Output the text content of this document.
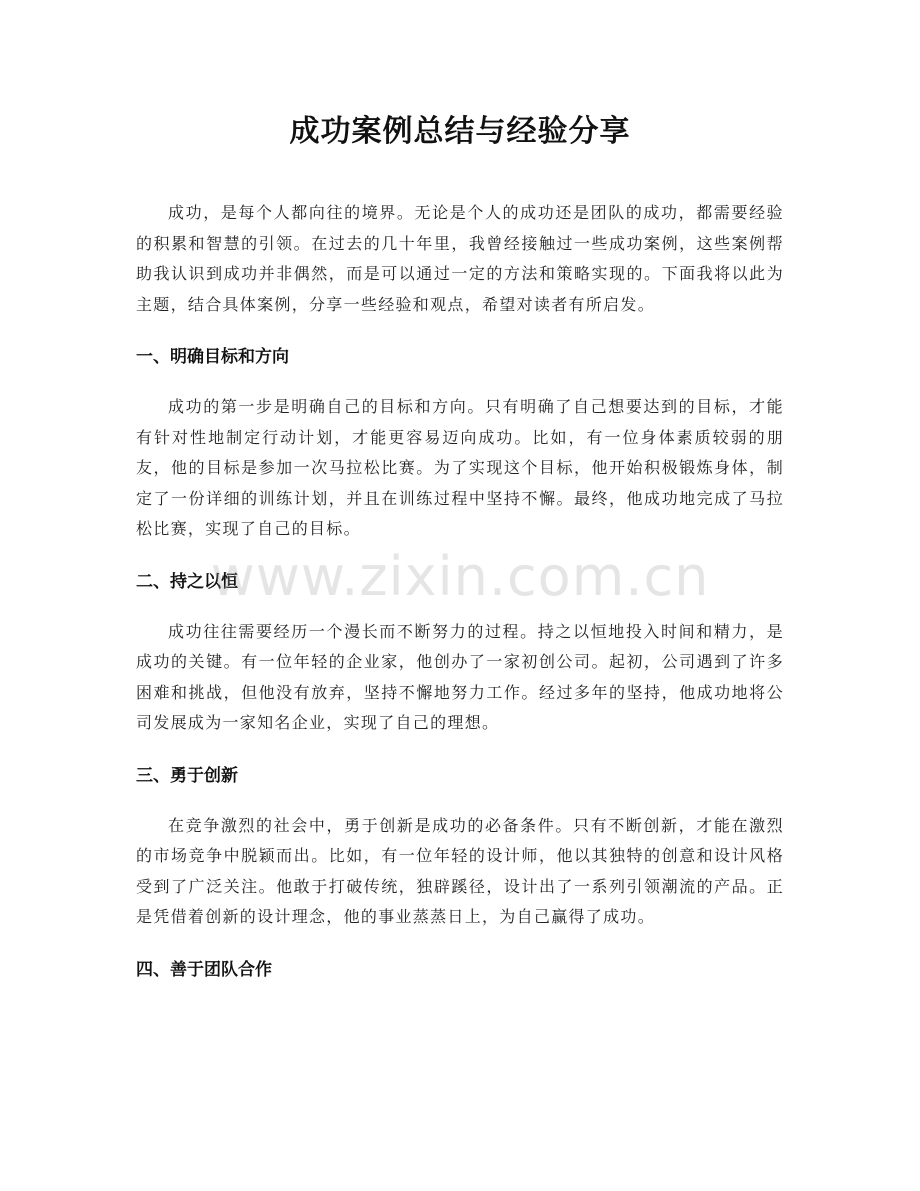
成功案例总结与经验分享

成功，是每个人都向往的境界。无论是个人的成功还是团队的成功，都需要经验的积累和智慧的引领。在过去的几十年里，我曾经接触过一些成功案例，这些案例帮助我认识到成功并非偶然，而是可以通过一定的方法和策略实现的。下面我将以此为主题，结合具体案例，分享一些经验和观点，希望对读者有所启发。

一、明确目标和方向

成功的第一步是明确自己的目标和方向。只有明确了自己想要达到的目标，才能有针对性地制定行动计划，才能更容易迈向成功。比如，有一位身体素质较弱的朋友，他的目标是参加一次马拉松比赛。为了实现这个目标，他开始积极锻炼身体，制定了一份详细的训练计划，并且在训练过程中坚持不懈。最终，他成功地完成了马拉松比赛，实现了自己的目标。

二、持之以恒

成功往往需要经历一个漫长而不断努力的过程。持之以恒地投入时间和精力，是成功的关键。有一位年轻的企业家，他创办了一家初创公司。起初，公司遇到了许多困难和挑战，但他没有放弃，坚持不懈地努力工作。经过多年的坚持，他成功地将公司发展成为一家知名企业，实现了自己的理想。

三、勇于创新

在竞争激烈的社会中，勇于创新是成功的必备条件。只有不断创新，才能在激烈的市场竞争中脱颖而出。比如，有一位年轻的设计师，他以其独特的创意和设计风格受到了广泛关注。他敢于打破传统，独辟蹊径，设计出了一系列引领潮流的产品。正是凭借着创新的设计理念，他的事业蒸蒸日上，为自己赢得了成功。

四、善于团队合作
www.zixin.com.cn
